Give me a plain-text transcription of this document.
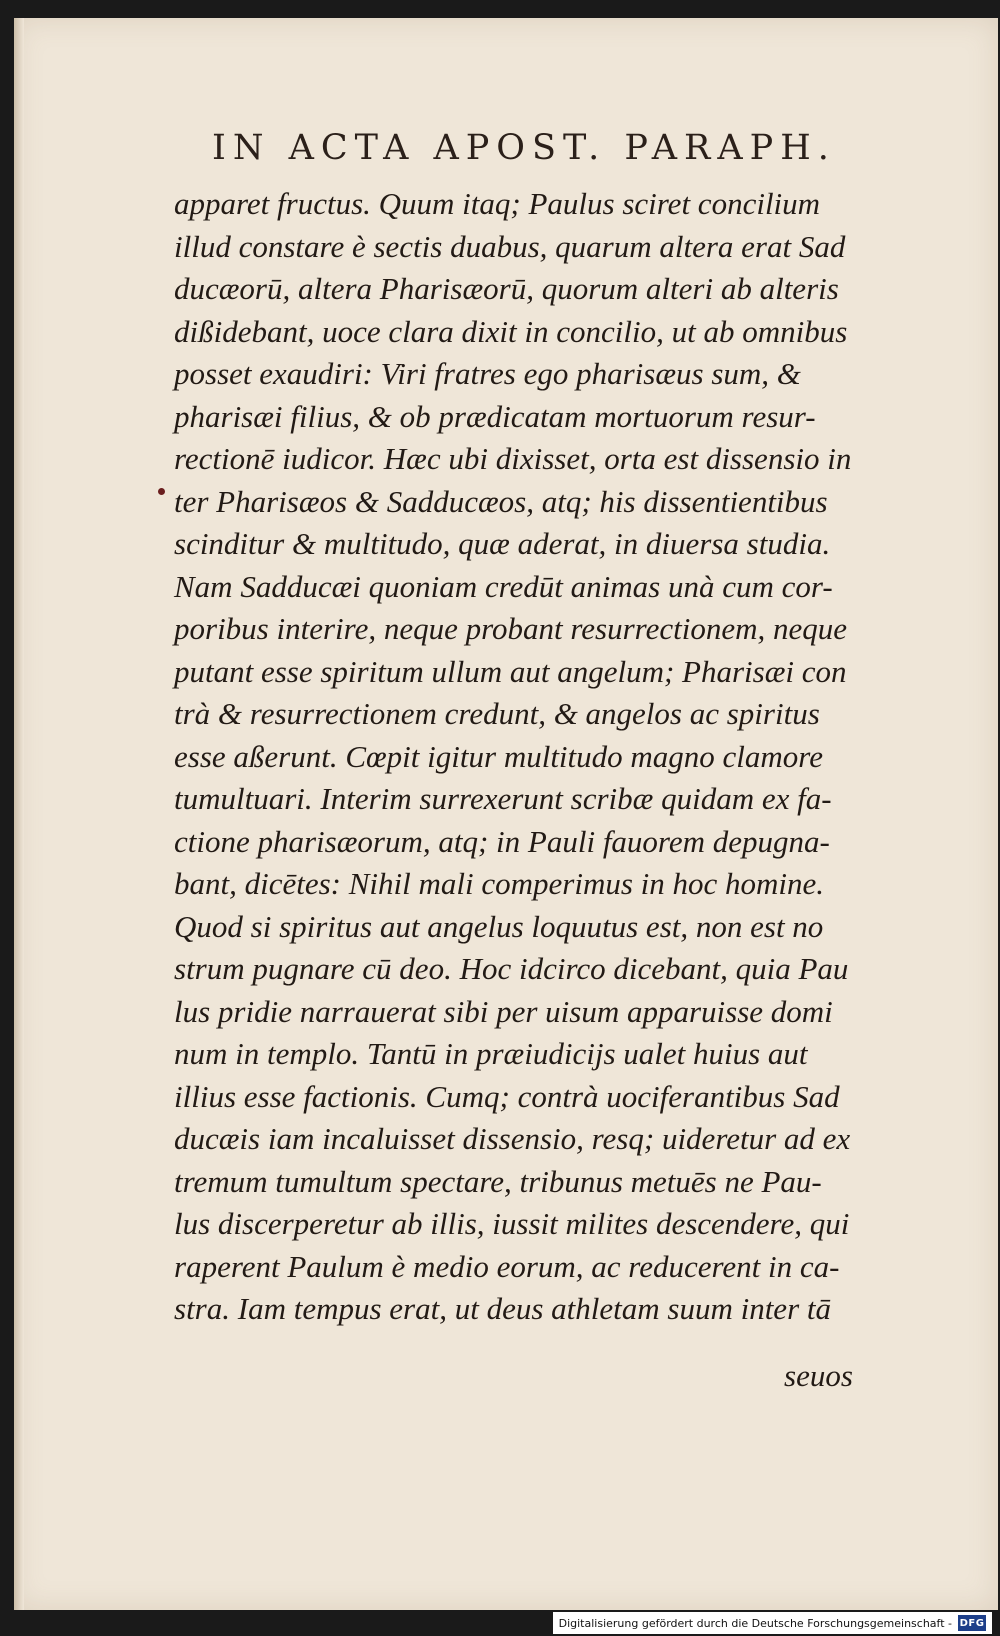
IN ACTA APOST. PARAPH.
apparet fructus. Quum itaq; Paulus sciret concilium
illud constare è sectis duabus, quarum altera erat Sad
ducæorū, altera Pharisæorū, quorum alteri ab alteris
dißidebant, uoce clara dixit in concilio, ut ab omnibus
posset exaudiri: Viri fratres ego pharisæus sum, &
pharisæi filius, & ob prædicatam mortuorum resur-
rectionē iudicor. Hæc ubi dixisset, orta est dissensio in
ter Pharisæos & Sadducæos, atq; his dissentientibus
scinditur & multitudo, quæ aderat, in diuersa studia.
Nam Sadducæi quoniam credūt animas unà cum cor-
poribus interire, neque probant resurrectionem, neque
putant esse spiritum ullum aut angelum; Pharisæi con
trà & resurrectionem credunt, & angelos ac spiritus
esse aßerunt. Cœpit igitur multitudo magno clamore
tumultuari. Interim surrexerunt scribæ quidam ex fa-
ctione pharisæorum, atq; in Pauli fauorem depugna-
bant, dicētes: Nihil mali comperimus in hoc homine.
Quod si spiritus aut angelus loquutus est, non est no
strum pugnare cū deo. Hoc idcirco dicebant, quia Pau
lus pridie narrauerat sibi per uisum apparuisse domi
num in templo. Tantū in præiudicijs ualet huius aut
illius esse factionis. Cumq; contrà uociferantibus Sad
ducæis iam incaluisset dissensio, resq; uideretur ad ex
tremum tumultum spectare, tribunus metuēs ne Pau-
lus discerperetur ab illis, iussit milites descendere, qui
raperent Paulum è medio eorum, ac reducerent in ca-
stra. Iam tempus erat, ut deus athletam suum inter tā
seuos
Digitalisierung gefördert durch die Deutsche Forschungsgemeinschaft - DFG
